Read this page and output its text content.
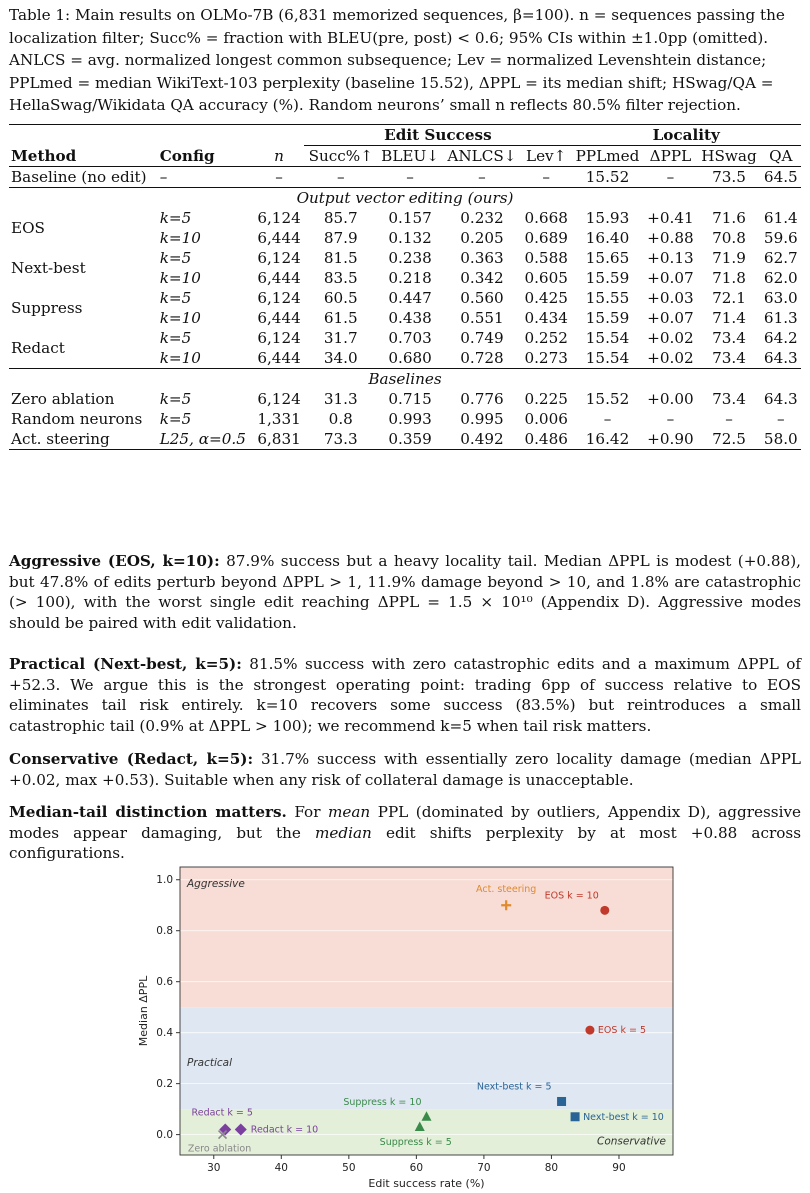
Table 1: Main results on OLMo-7B (6,831 memorized sequences, β=100). n = sequences passing the localization filter; Succ% = fraction with BLEU(pre, post) < 0.6; 95% CIs within ±1.0pp (omitted). ANLCS = avg. normalized longest common subsequence; Lev = normalized Levenshtein distance; PPLmed = median WikiText-103 perplexity (baseline 15.52), ΔPPL = its median shift; HSwag/QA = HellaSwag/Wikidata QA accuracy (%). Random neurons’ small n reflects 80.5% filter rejection.

			Edit Success				Locality			
Method	Config	n	Succ%↑	BLEU↓	ANLCS↓	Lev↑	PPLmed	ΔPPL	HSwag	QA
Baseline (no edit)	–	–	–	–	–	–	15.52	–	73.5	64.5
Output vector editing (ours)										
EOS	k=5	6,124	85.7	0.157	0.232	0.668	15.93	+0.41	71.6	61.4
	k=10	6,444	87.9	0.132	0.205	0.689	16.40	+0.88	70.8	59.6
Next-best	k=5	6,124	81.5	0.238	0.363	0.588	15.65	+0.13	71.9	62.7
	k=10	6,444	83.5	0.218	0.342	0.605	15.59	+0.07	71.8	62.0
Suppress	k=5	6,124	60.5	0.447	0.560	0.425	15.55	+0.03	72.1	63.0
	k=10	6,444	61.5	0.438	0.551	0.434	15.59	+0.07	71.4	61.3
Redact	k=5	6,124	31.7	0.703	0.749	0.252	15.54	+0.02	73.4	64.2
	k=10	6,444	34.0	0.680	0.728	0.273	15.54	+0.02	73.4	64.3
Baselines										
Zero ablation	k=5	6,124	31.3	0.715	0.776	0.225	15.52	+0.00	73.4	64.3
Random neurons	k=5	1,331	0.8	0.993	0.995	0.006	–	–	–	–
Act. steering	L25, α=0.5	6,831	73.3	0.359	0.492	0.486	16.42	+0.90	72.5	58.0

Aggressive (EOS, k=10): 87.9% success but a heavy locality tail. Median ΔPPL is modest (+0.88), but 47.8% of edits perturb beyond ΔPPL > 1, 11.9% damage beyond > 10, and 1.8% are catastrophic (> 100), with the worst single edit reaching ΔPPL = 1.5 × 10¹⁰ (Appendix D). Aggressive modes should be paired with edit validation.

Practical (Next-best, k=5): 81.5% success with zero catastrophic edits and a maximum ΔPPL of +52.3. We argue this is the strongest operating point: trading 6pp of success relative to EOS eliminates tail risk entirely. k=10 recovers some success (83.5%) but reintroduces a small catastrophic tail (0.9% at ΔPPL > 100); we recommend k=5 when tail risk matters.

Conservative (Redact, k=5): 31.7% success with essentially zero locality damage (median ΔPPL +0.02, max +0.53). Suitable when any risk of collateral damage is unacceptable.

Median-tail distinction matters. For mean PPL (dominated by outliers, Appendix D), aggressive modes appear damaging, but the median edit shifts perplexity by at most +0.88 across configurations.

30	40	50	60	70	80	90
0.0
0.2
0.4
0.6
0.8
1.0
Edit success rate (%)
Median ΔPPL
Aggressive
Practical
Conservative
EOS k = 10
EOS k = 5
Next-best k = 5
Next-best k = 10
Suppress k = 10
Suppress k = 5
Redact k = 5
Redact k = 10
Zero ablation
Act. steering
